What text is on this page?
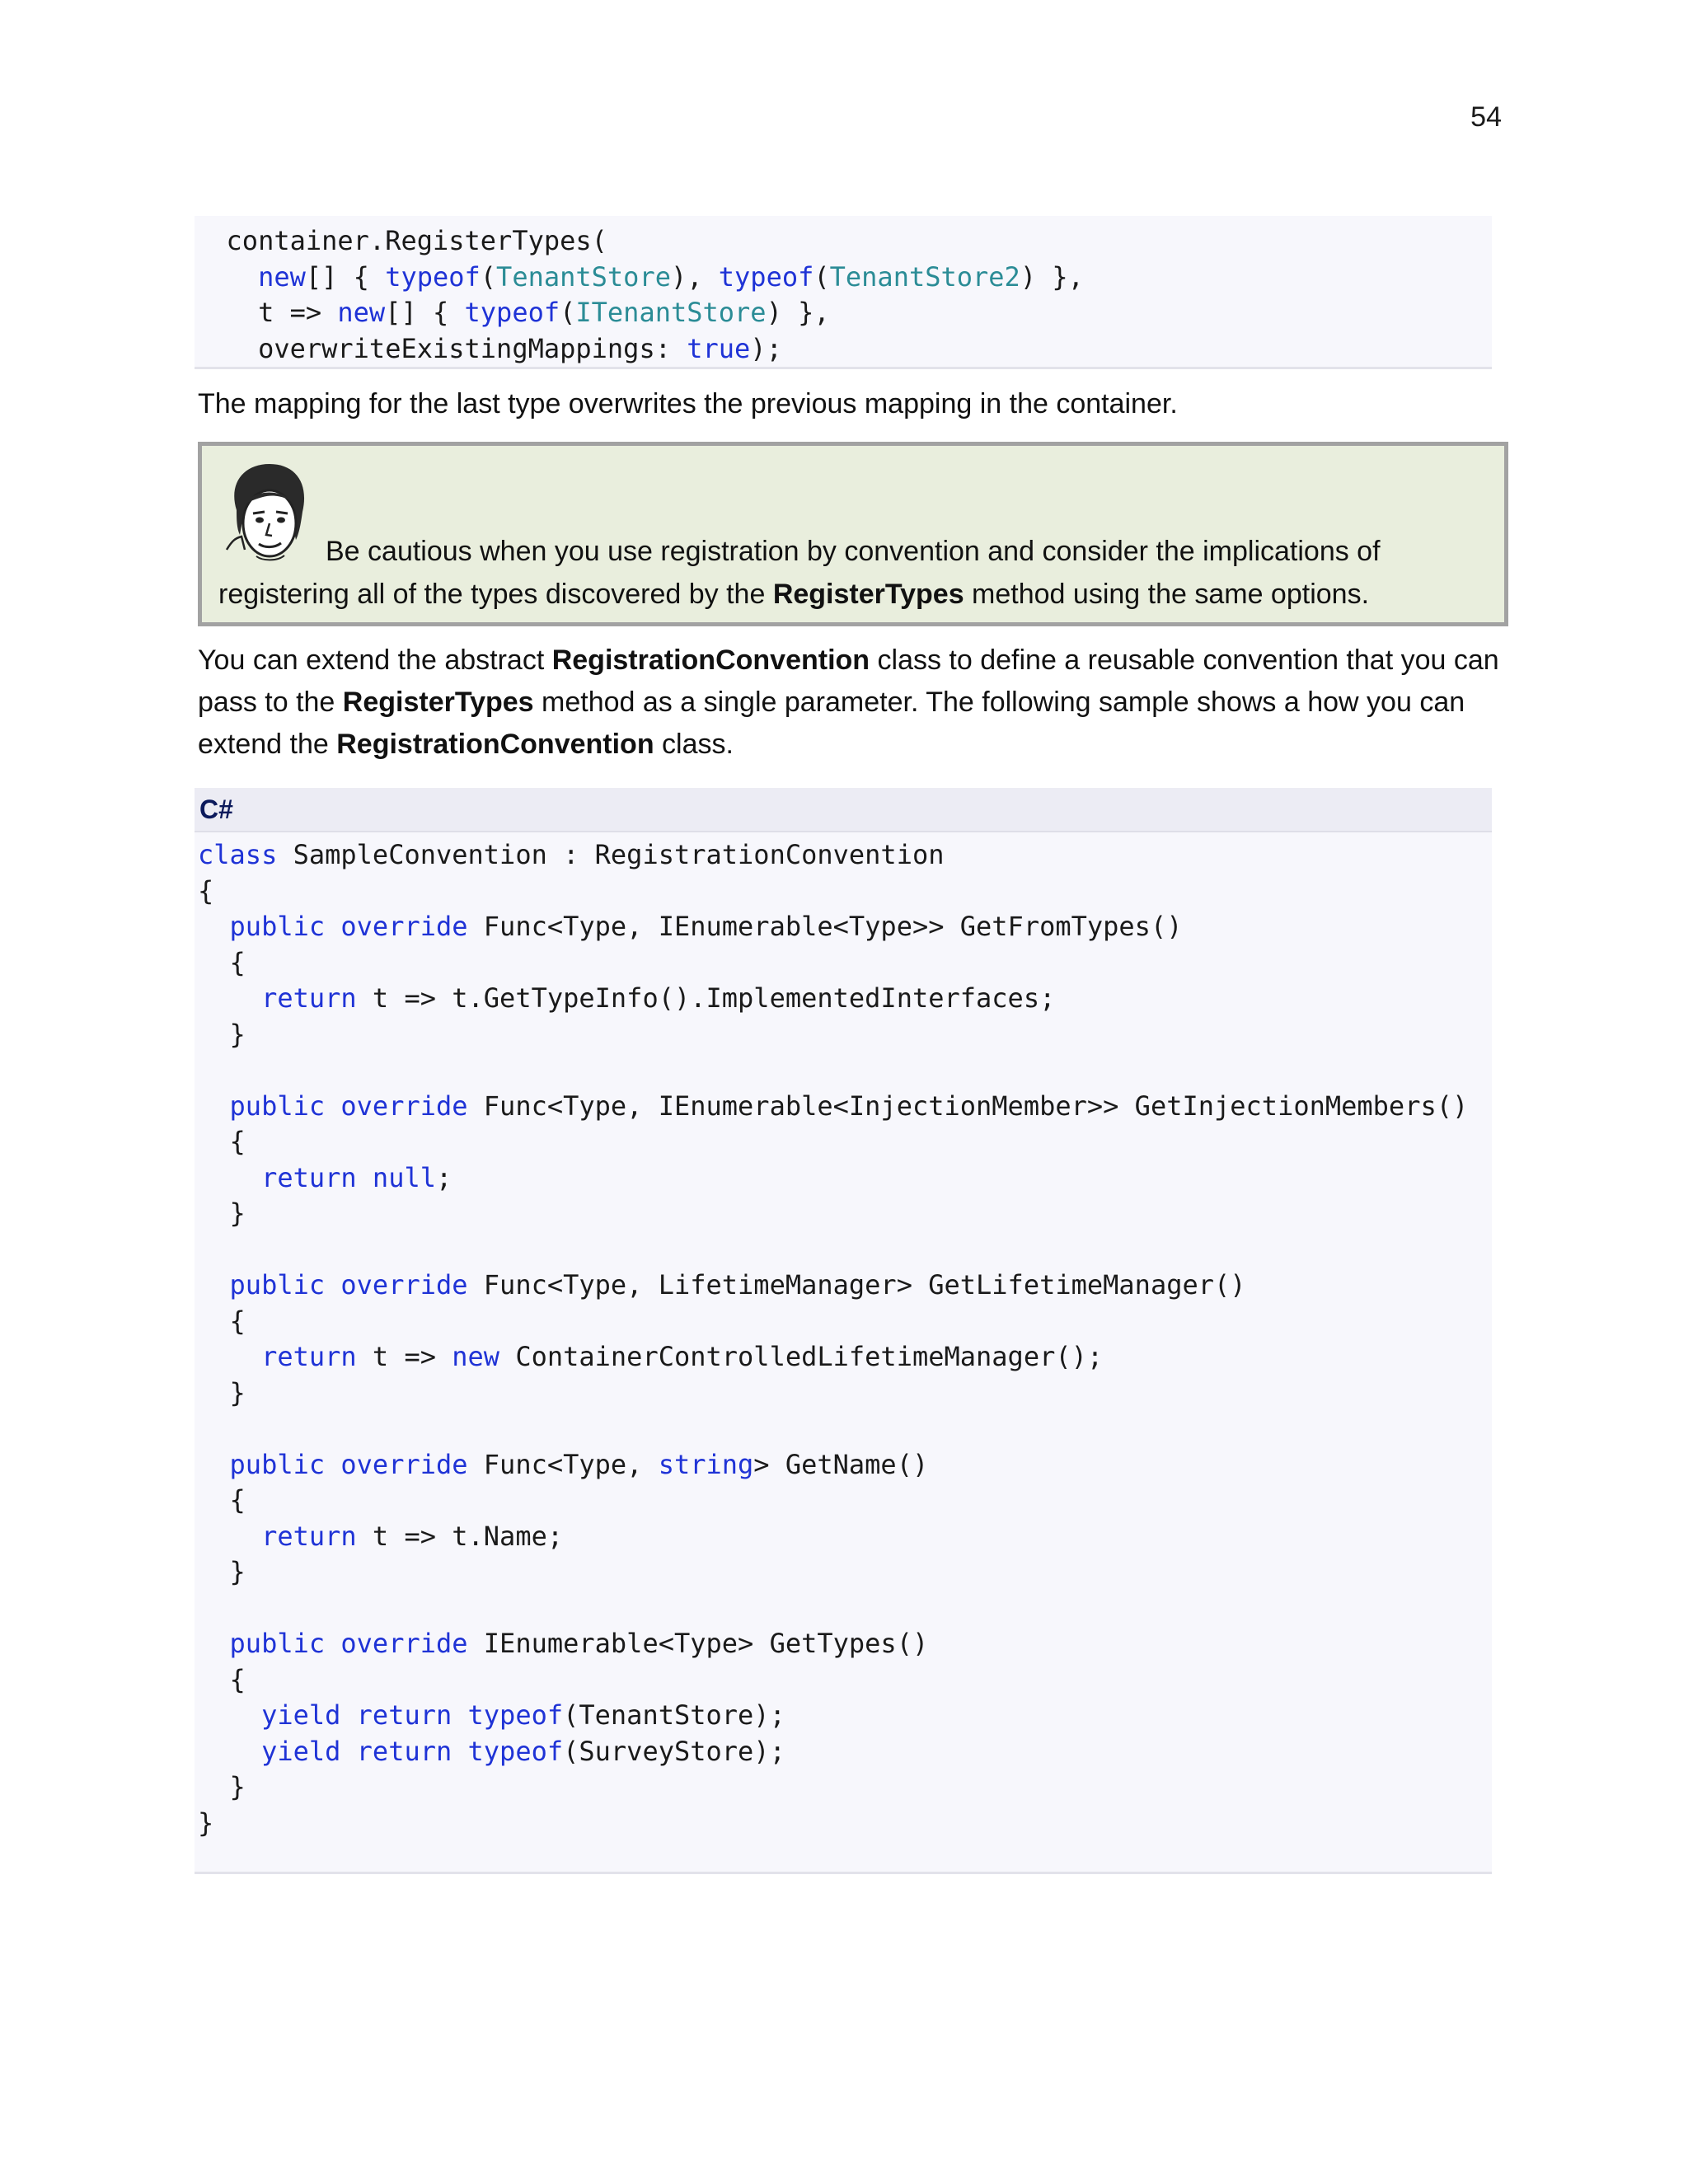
54
container.RegisterTypes(
new[] { typeof(TenantStore), typeof(TenantStore2) },
t => new[] { typeof(ITenantStore) },
overwriteExistingMappings: true);
The mapping for the last type overwrites the previous mapping in the container.
Be cautious when you use registration by convention and consider the implications of registering all of the types discovered by the RegisterTypes method using the same options.
You can extend the abstract RegistrationConvention class to define a reusable convention that you can pass to the RegisterTypes method as a single parameter. The following sample shows a how you can extend the RegistrationConvention class.
C#
class SampleConvention : RegistrationConvention
{
public override Func<Type, IEnumerable<Type>> GetFromTypes()
{
return t => t.GetTypeInfo().ImplementedInterfaces;
}
public override Func<Type, IEnumerable<InjectionMember>> GetInjectionMembers()
{
return null;
}
public override Func<Type, LifetimeManager> GetLifetimeManager()
{
return t => new ContainerControlledLifetimeManager();
}
public override Func<Type, string> GetName()
{
return t => t.Name;
}
public override IEnumerable<Type> GetTypes()
{
yield return typeof(TenantStore);
yield return typeof(SurveyStore);
}
}
